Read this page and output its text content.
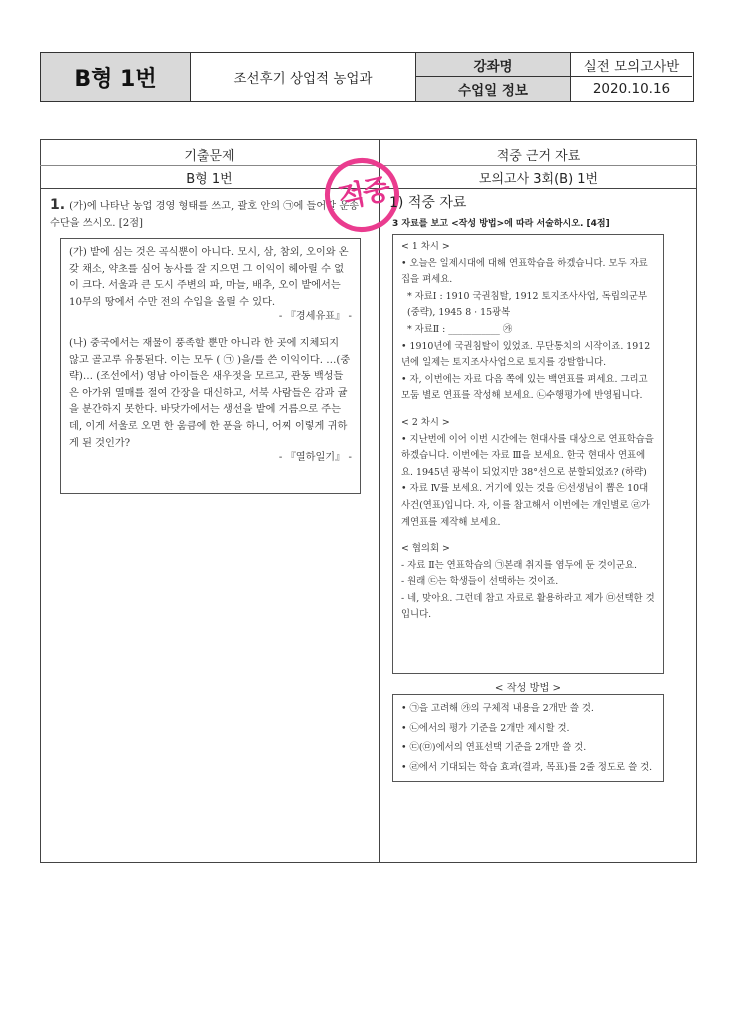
B형 1번	조선후기 상업적 농업과
강좌명
수업일 정보
실전 모의고사반
2020.10.16
기출문제
B형 1번
적중 근거 자료
모의고사 3회(B) 1번
1. (가)에 나타난 농업 경영 형태를 쓰고, 괄호 안의 ㉠에 들어갈 운송 수단을 쓰시오. [2점]

(가) 밭에 심는 것은 곡식뿐이 아니다. 모시, 삼, 참외, 오이와 온갖 채소, 약초를 심어 농사를 잘 지으면 그 이익이 헤아릴 수 없이 크다. 서울과 큰 도시 주변의 파, 마늘, 배추, 오이 밭에서는 10무의 땅에서 수만 전의 수입을 올릴 수 있다.

- 『경세유표』 -

(나) 중국에서는 재물이 풍족할 뿐만 아니라 한 곳에 지체되지 않고 골고루 유통된다. 이는 모두 ( ㉠ )을/를 쓴 이익이다. …(중략)… (조선에서) 영남 아이들은 새우젓을 모르고, 관동 백성들은 아가위 열매를 절여 간장을 대신하고, 서북 사람들은 감과 귤을 분간하지 못한다. 바닷가에서는 생선을 밭에 거름으로 주는데, 이게 서울로 오면 한 움큼에 한 푼을 하니, 어찌 이렇게 귀하게 된 것인가?

- 『열하일기』 -
적중
1) 적중 자료
3 자료를 보고 <작성 방법>에 따라 서술하시오. [4점]

< 1 차시 >

• 오늘은 일제시대에 대해 연표학습을 하겠습니다. 모두 자료집을 펴세요.

* 자료Ⅰ : 1910 국권침탈, 1912 토지조사사업, 독립의군부 (중략), 1945 8 · 15광복

* 자료Ⅱ : ___________ ㉮

• 1910년에 국권침탈이 있었죠. 무단통치의 시작이죠. 1912년에 일제는 토지조사사업으로 토지를 강탈합니다.

• 자, 이번에는 자료 다음 쪽에 있는 백연표를 펴세요. 그리고 모둠 별로 연표를 작성해 보세요. ㉡수행평가에 반영됩니다.

< 2 차시 >

• 지난번에 이어 이번 시간에는 현대사를 대상으로 연표학습을 하겠습니다. 이번에는 자료 Ⅲ을 보세요. 한국 현대사 연표에요. 1945년 광복이 되었지만 38°선으로 분할되었죠? (하략)

• 자료 Ⅳ를 보세요. 거기에 있는 것을 ㉢선생님이 뽑은 10대 사건(연표)입니다. 자, 이를 참고해서 이번에는 개인별로 ㉣가계연표를 제작해 보세요.

< 협의회 >

- 자료 Ⅱ는 연표학습의 ㉠본래 취지를 염두에 둔 것이군요.

- 원래 ㉢는 학생들이 선택하는 것이죠.

- 네, 맞아요. 그런데 참고 자료로 활용하라고 제가 ㉤선택한 것입니다.

< 작성 방법 >

• ㉠을 고려해 ㉮의 구체적 내용을 2개만 쓸 것.

• ㉡에서의 평가 기준을 2개만 제시할 것.

• ㉢(㉤)에서의 연표선택 기준을 2개만 쓸 것.

• ㉣에서 기대되는 학습 효과(결과, 목표)를 2줄 정도로 쓸 것.
